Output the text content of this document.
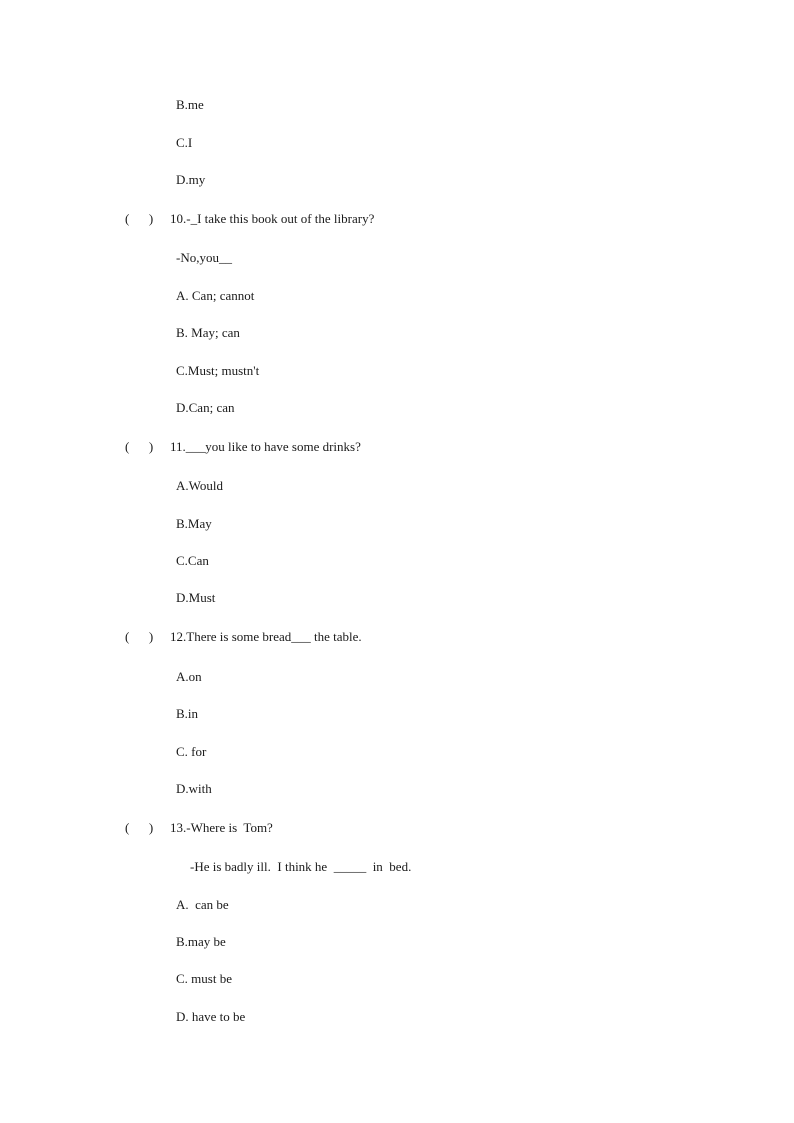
B.me
C.I
D.my
(      ) 10.-_I take this book out of the library?
-No,you__
A. Can; cannot
B. May; can
C.Must; mustn't
D.Can; can
(      ) 11.___you like to have some drinks?
A.Would
B.May
C.Can
D.Must
(      ) 12.There is some bread___ the table.
A.on
B.in
C. for
D.with
(      ) 13.-Where is  Tom?
-He is badly ill.  I think he  _____  in  bed.
A.  can be
B.may be
C. must be
D. have to be
